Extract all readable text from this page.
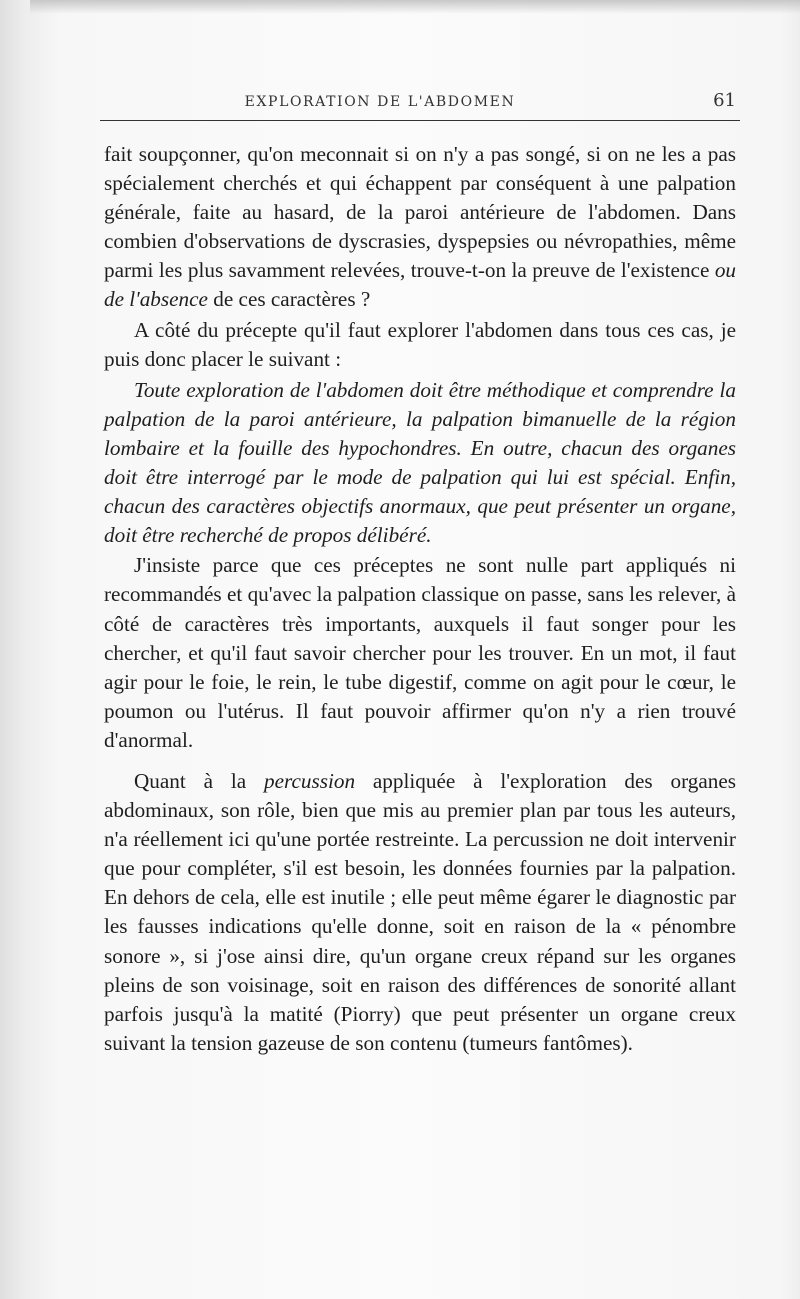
EXPLORATION DE L'ABDOMEN	61

fait soupçonner, qu'on meconnait si on n'y a pas songé, si on ne les a pas spécialement cherchés et qui échappent par conséquent à une palpation générale, faite au hasard, de la paroi antérieure de l'abdomen. Dans combien d'observations de dyscrasies, dyspepsies ou névropathies, même parmi les plus savamment relevées, trouve-t-on la preuve de l'existence ou de l'absence de ces caractères ?

A côté du précepte qu'il faut explorer l'abdomen dans tous ces cas, je puis donc placer le suivant :

Toute exploration de l'abdomen doit être méthodique et comprendre la palpation de la paroi antérieure, la palpation bimanuelle de la région lombaire et la fouille des hypochondres. En outre, chacun des organes doit être interrogé par le mode de palpation qui lui est spécial. Enfin, chacun des caractères objectifs anormaux, que peut présenter un organe, doit être recherché de propos délibéré.

J'insiste parce que ces préceptes ne sont nulle part appliqués ni recommandés et qu'avec la palpation classique on passe, sans les relever, à côté de caractères très importants, auxquels il faut songer pour les chercher, et qu'il faut savoir chercher pour les trouver. En un mot, il faut agir pour le foie, le rein, le tube digestif, comme on agit pour le cœur, le poumon ou l'utérus. Il faut pouvoir affirmer qu'on n'y a rien trouvé d'anormal.

Quant à la percussion appliquée à l'exploration des organes abdominaux, son rôle, bien que mis au premier plan par tous les auteurs, n'a réellement ici qu'une portée restreinte. La percussion ne doit intervenir que pour compléter, s'il est besoin, les données fournies par la palpation. En dehors de cela, elle est inutile ; elle peut même égarer le diagnostic par les fausses indications qu'elle donne, soit en raison de la « pénombre sonore », si j'ose ainsi dire, qu'un organe creux répand sur les organes pleins de son voisinage, soit en raison des différences de sonorité allant parfois jusqu'à la matité (Piorry) que peut présenter un organe creux suivant la tension gazeuse de son contenu (tumeurs fantômes).
